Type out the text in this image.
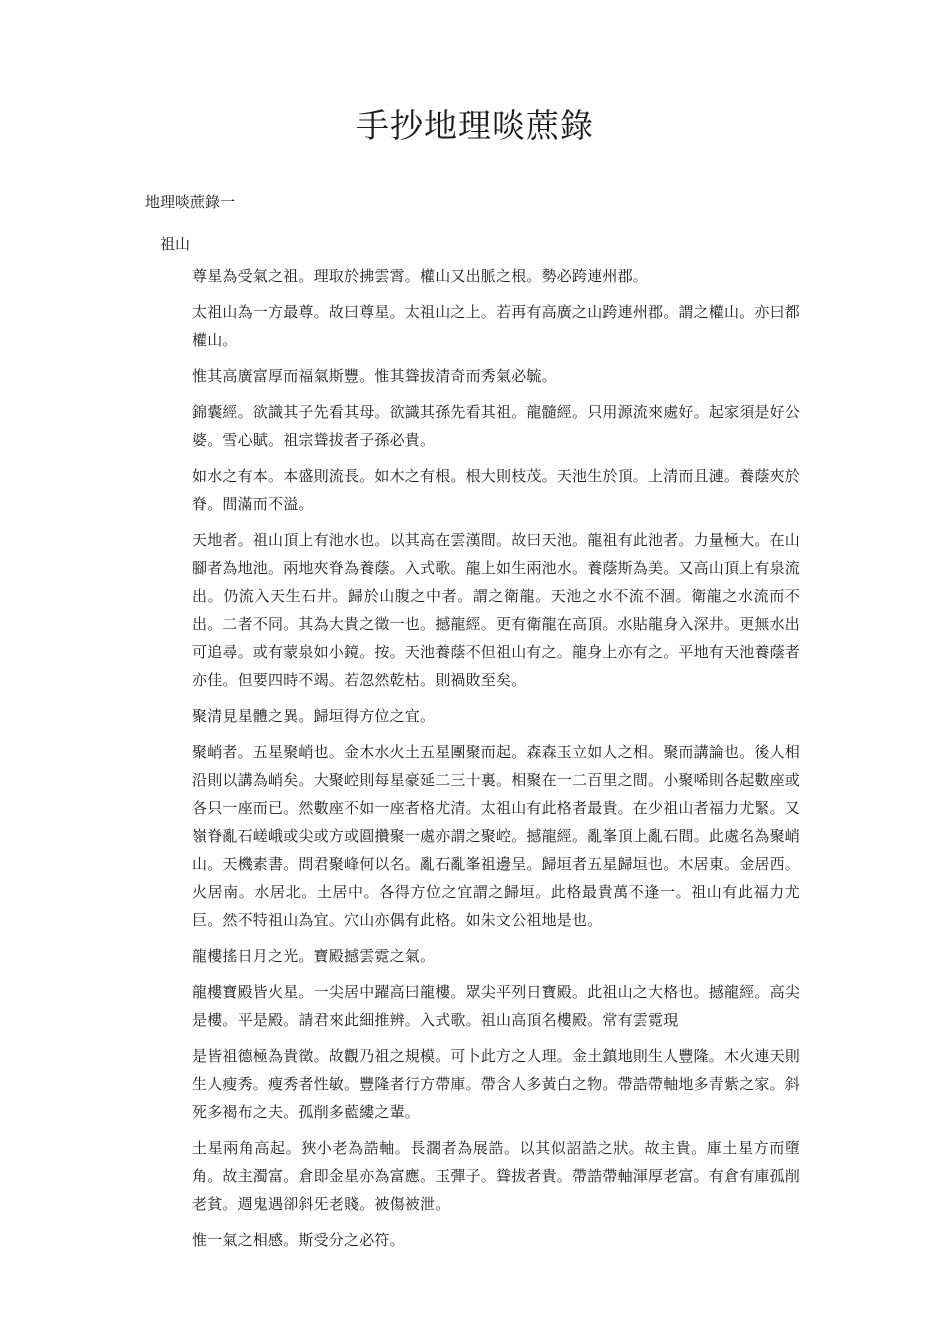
手抄地理啖蔗錄
地理啖蔗錄一
祖山

尊星為受氣之祖。理取於拂雲霄。權山又出脈之根。勢必跨連州郡。

太祖山為一方最尊。故曰尊星。太祖山之上。若再有高廣之山跨連州郡。謂之權山。亦曰都權山。

惟其高廣富厚而福氣斯豐。惟其聳拔清奇而秀氣必毓。

錦囊經。欲識其子先看其母。欲識其孫先看其祖。龍髓經。只用源流來處好。起家須是好公婆。雪心賦。祖宗聳拔者子孫必貴。

如水之有本。本盛則流長。如木之有根。根大則枝茂。天池生於頂。上清而且漣。養蔭夾於脊。間滿而不溢。

天地者。祖山頂上有池水也。以其高在雲漢間。故曰天池。龍祖有此池者。力量極大。在山腳者為地池。兩地夾脊為養蔭。入式歌。龍上如生兩池水。養蔭斯為美。又高山頂上有泉流出。仍流入天生石井。歸於山腹之中者。謂之衛龍。天池之水不流不涸。衛龍之水流而不出。二者不同。其為大貴之徵一也。撼龍經。更有衛龍在高頂。水貼龍身入深井。更無水出可追尋。或有蒙泉如小鏡。按。天池養蔭不但祖山有之。龍身上亦有之。平地有天池養蔭者亦佳。但要四時不竭。若忽然乾枯。則禍敗至矣。

聚清見星體之異。歸垣得方位之宜。

聚峭者。五星聚峭也。金木水火土五星團聚而起。森森玉立如人之相。聚而講論也。後人相沿則以講為峭矣。大聚崆則每星豪延二三十裏。相聚在一二百里之間。小聚唏則各起數座或各只一座而已。然數座不如一座者格尤清。太祖山有此格者最貴。在少祖山者福力尤緊。又嶺脊亂石嵯峨或尖或方或圓攢聚一處亦謂之聚崆。撼龍經。亂峯頂上亂石間。此處名為聚峭山。天機素書。問君聚峰何以名。亂石亂峯祖邊呈。歸垣者五星歸垣也。木居東。金居西。火居南。水居北。土居中。各得方位之宜謂之歸垣。此格最貴萬不逢一。祖山有此福力尤巨。然不特祖山為宜。穴山亦偶有此格。如朱文公祖地是也。

龍樓搖日月之光。寶殿撼雲霓之氣。

龍樓寶殿皆火星。一尖居中躍高曰龍樓。眾尖平列日寶殿。此祖山之大格也。撼龍經。高尖是樓。平是殿。請君來此細推辨。入式歌。祖山高頂名樓殿。常有雲霓現

是皆祖德極為貴徵。故觀乃祖之規模。可卜此方之人理。金土鎮地則生人豐隆。木火連天則生人瘦秀。瘦秀者性敏。豐隆者行方帶庫。帶含人多黃白之物。帶誥帶軸地多青紫之家。斜死多褐布之夫。孤削多藍縷之輩。

土星兩角高起。狹小老為誥軸。長濶者為展誥。以其似詔誥之狀。故主貴。庫土星方而墮角。故主濁富。倉即金星亦為富應。玉彈子。聳拔者貴。帶誥帶軸渾厚老富。有倉有庫孤削老貧。週鬼遇卻斜旡老賤。被傷被泄。

惟一氣之相感。斯受分之必符。
